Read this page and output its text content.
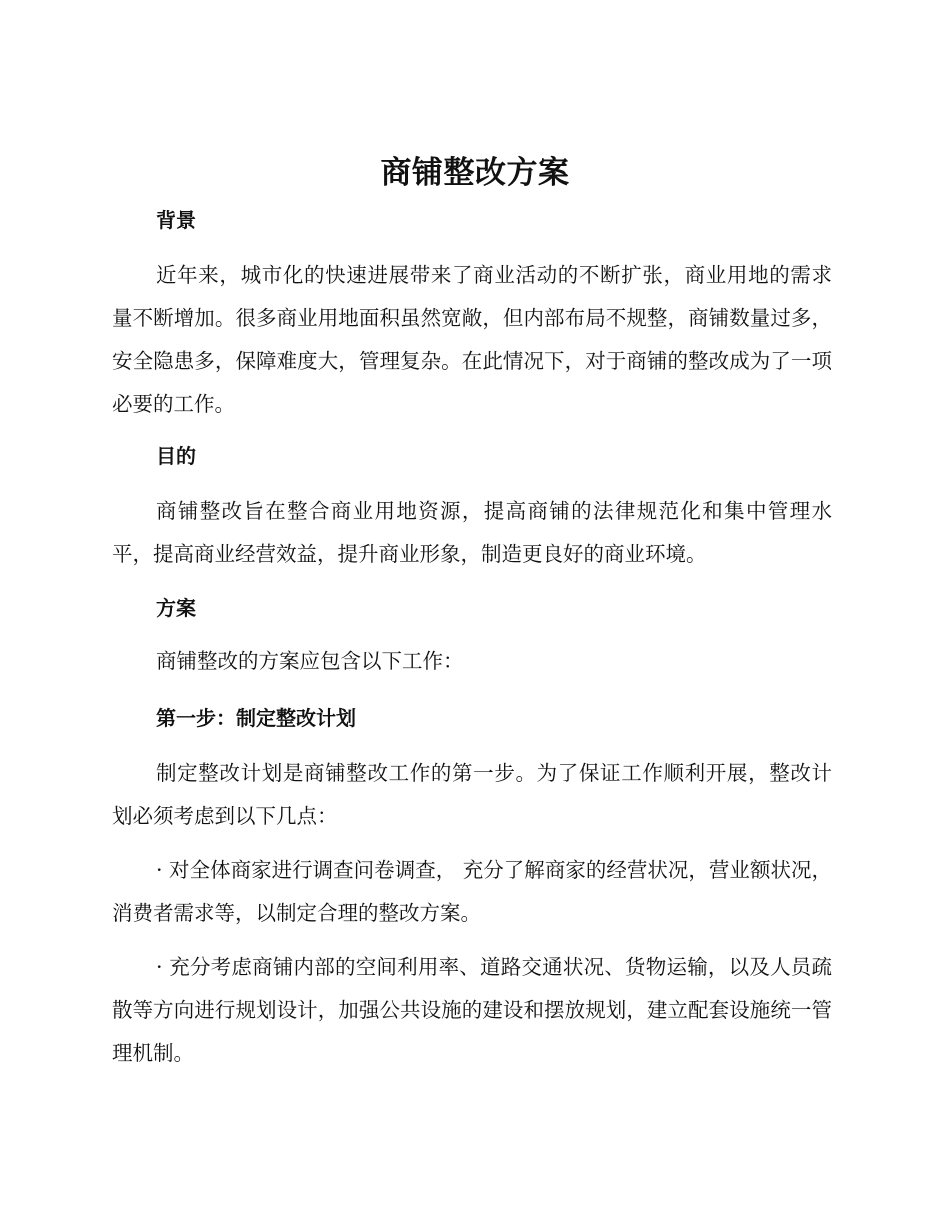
商铺整改方案
背景

近年来，城市化的快速进展带来了商业活动的不断扩张，商业用地的需求量不断增加。很多商业用地面积虽然宽敞，但内部布局不规整，商铺数量过多，安全隐患多，保障难度大，管理复杂。在此情况下，对于商铺的整改成为了一项必要的工作。

目的

商铺整改旨在整合商业用地资源，提高商铺的法律规范化和集中管理水平，提高商业经营效益，提升商业形象，制造更良好的商业环境。

方案

商铺整改的方案应包含以下工作：

第一步：制定整改计划

制定整改计划是商铺整改工作的第一步。为了保证工作顺利开展，整改计划必须考虑到以下几点：

· 对全体商家进行调查问卷调查， 充分了解商家的经营状况，营业额状况，消费者需求等，以制定合理的整改方案。

· 充分考虑商铺内部的空间利用率、道路交通状况、货物运输，以及人员疏散等方向进行规划设计，加强公共设施的建设和摆放规划，建立配套设施统一管理机制。
